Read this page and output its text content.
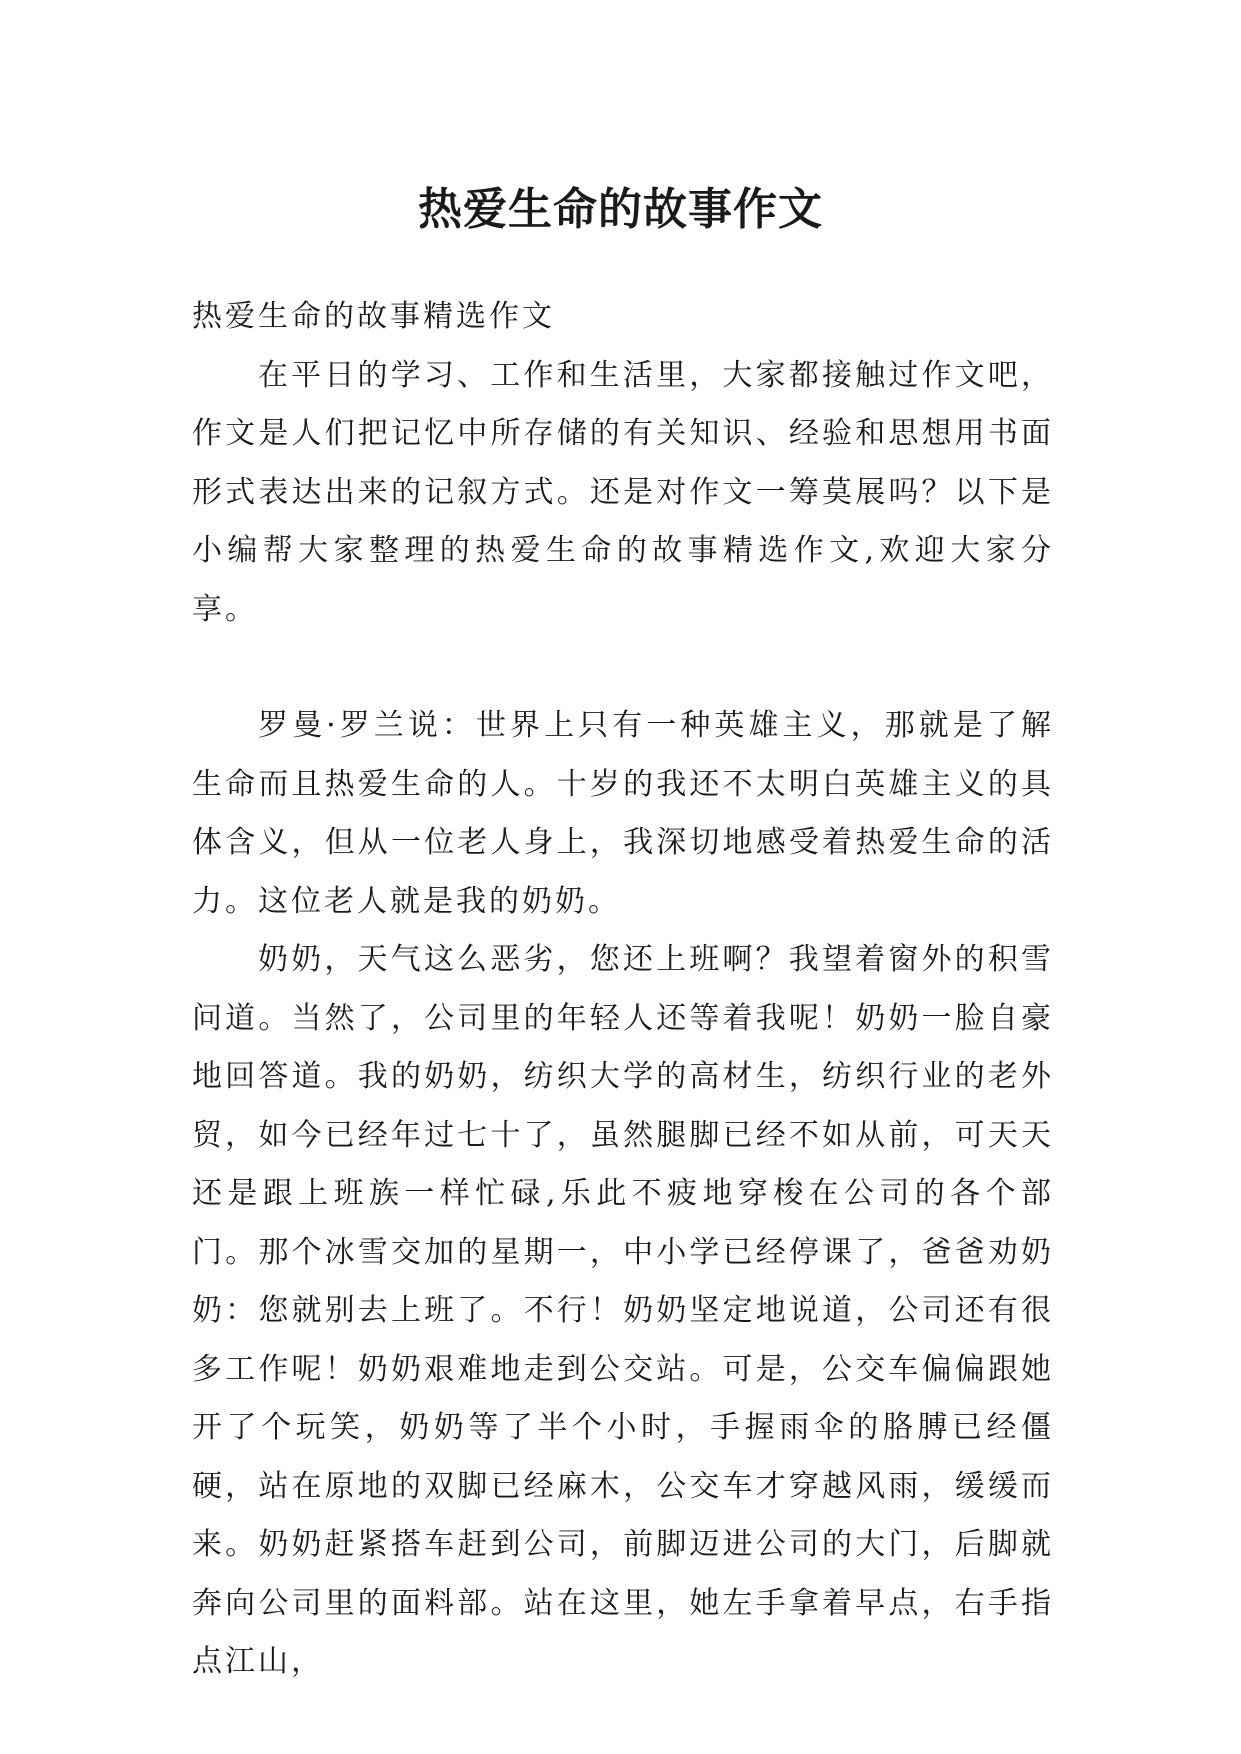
热爱生命的故事作文

热爱生命的故事精选作文

在平日的学习、工作和生活里，大家都接触过作文吧，作文是人们把记忆中所存储的有关知识、经验和思想用书面形式表达出来的记叙方式。还是对作文一筹莫展吗？以下是小编帮大家整理的热爱生命的故事精选作文,欢迎大家分享。

罗曼·罗兰说：世界上只有一种英雄主义，那就是了解生命而且热爱生命的人。十岁的我还不太明白英雄主义的具体含义，但从一位老人身上，我深切地感受着热爱生命的活力。这位老人就是我的奶奶。

奶奶，天气这么恶劣，您还上班啊？我望着窗外的积雪问道。当然了，公司里的年轻人还等着我呢！奶奶一脸自豪地回答道。我的奶奶，纺织大学的高材生，纺织行业的老外贸，如今已经年过七十了，虽然腿脚已经不如从前，可天天还是跟上班族一样忙碌,乐此不疲地穿梭在公司的各个部门。那个冰雪交加的星期一，中小学已经停课了，爸爸劝奶奶：您就别去上班了。不行！奶奶坚定地说道，公司还有很多工作呢！奶奶艰难地走到公交站。可是，公交车偏偏跟她开了个玩笑，奶奶等了半个小时，手握雨伞的胳膊已经僵硬，站在原地的双脚已经麻木，公交车才穿越风雨，缓缓而来。奶奶赶紧搭车赶到公司，前脚迈进公司的大门，后脚就奔向公司里的面料部。站在这里，她左手拿着早点，右手指点江山，
